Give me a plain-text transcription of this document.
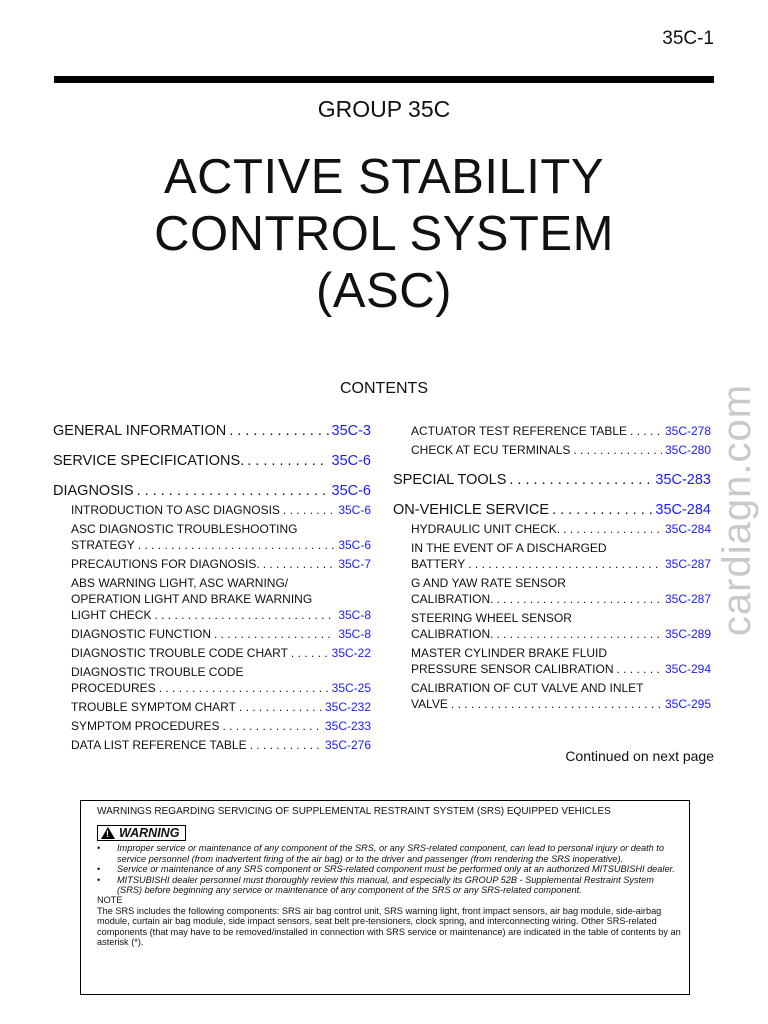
35C-1
GROUP 35C
ACTIVE STABILITY
CONTROL SYSTEM
(ASC)
CONTENTS
GENERAL INFORMATION . . .	35C-3
SERVICE SPECIFICATIONS. . . .	35C-6
DIAGNOSIS . . .	35C-6
INTRODUCTION TO ASC DIAGNOSIS . . .	35C-6
ASC DIAGNOSTIC TROUBLESHOOTING
STRATEGY . . .	35C-6
PRECAUTIONS FOR DIAGNOSIS. . . .	35C-7
ABS WARNING LIGHT, ASC WARNING/
OPERATION LIGHT AND BRAKE WARNING
LIGHT CHECK . . .	35C-8
DIAGNOSTIC FUNCTION . . .	35C-8
DIAGNOSTIC TROUBLE CODE CHART . . .	35C-22
DIAGNOSTIC TROUBLE CODE
PROCEDURES . . .	35C-25
TROUBLE SYMPTOM CHART . . .	35C-232
SYMPTOM PROCEDURES . . .	35C-233
DATA LIST REFERENCE TABLE . . .	35C-276
ACTUATOR TEST REFERENCE TABLE . . .	35C-278
CHECK AT ECU TERMINALS . . .	35C-280
SPECIAL TOOLS . . .	35C-283
ON-VEHICLE SERVICE . . .	35C-284
HYDRAULIC UNIT CHECK. . . .	35C-284
IN THE EVENT OF A DISCHARGED
BATTERY . . .	35C-287
G AND YAW RATE SENSOR
CALIBRATION. . . .	35C-287
STEERING WHEEL SENSOR
CALIBRATION. . . .	35C-289
MASTER CYLINDER BRAKE FLUID
PRESSURE SENSOR CALIBRATION . . .	35C-294
CALIBRATION OF CUT VALVE AND INLET
VALVE . . .	35C-295
Continued on next page
cardiagn.com
WARNINGS REGARDING SERVICING OF SUPPLEMENTAL RESTRAINT SYSTEM (SRS) EQUIPPED VEHICLES
!
WARNING
•	Improper service or maintenance of any component of the SRS, or any SRS-related component, can lead to personal injury or death to service personnel (from inadvertent firing of the air bag) or to the driver and passenger (from rendering the SRS inoperative).
•	Service or maintenance of any SRS component or SRS-related component must be performed only at an authorized MITSUBISHI dealer.
•	MITSUBISHI dealer personnel must thoroughly review this manual, and especially its GROUP 52B - Supplemental Restraint System (SRS) before beginning any service or maintenance of any component of the SRS or any SRS-related component.
NOTE
The SRS includes the following components: SRS air bag control unit, SRS warning light, front impact sensors, air bag module, side-airbag module, curtain air bag module, side impact sensors, seat belt pre-tensioners, clock spring, and interconnecting wiring. Other SRS-related components (that may have to be removed/installed in connection with SRS service or maintenance) are indicated in the table of contents by an asterisk (*).
